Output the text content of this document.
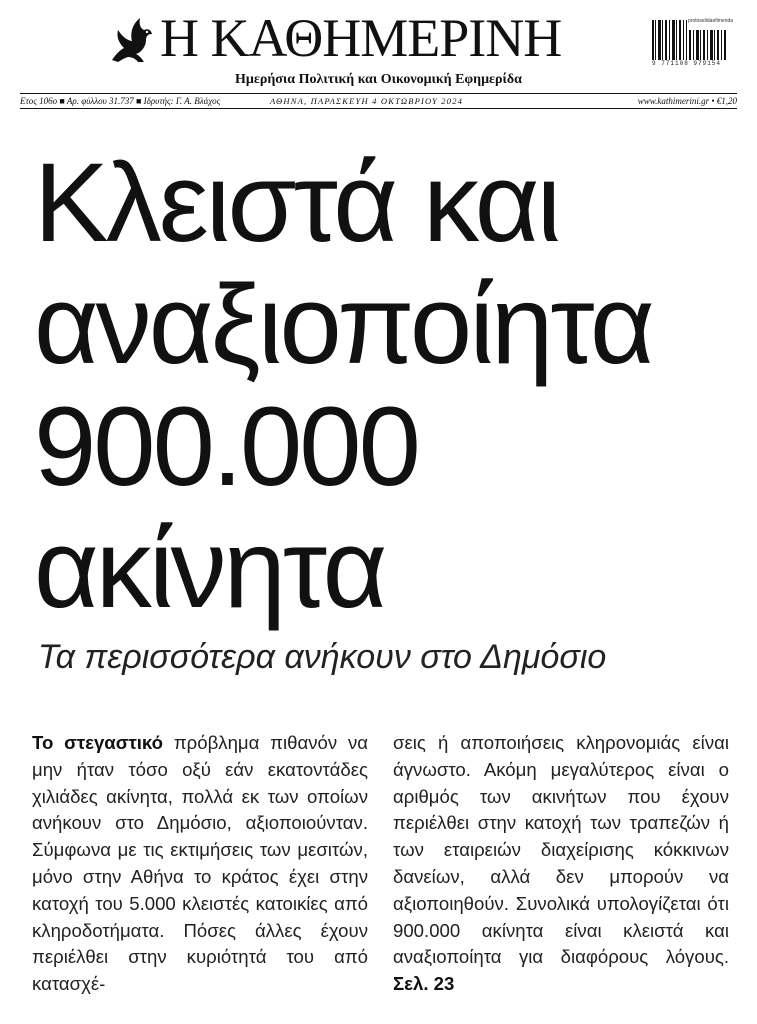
Η ΚΑΘΗΜΕΡΙΝΗ	protoselidaefimerida
9 771108 979154
Ημερήσια Πολιτική και Οικονομική Εφημερίδα
Ετος 106ο ■ Αρ. φύλλου 31.737 ■ Ιδρυτής: Γ. Α. Βλάχος	ΑΘΗΝΑ, ΠΑΡΑΣΚΕΥΗ 4 ΟΚΤΩΒΡΙΟΥ 2024	www.kathimerini.gr • €1,20
Κλειστά και
αναξιοποίητα
900.000
ακίνητα
Τα περισσότερα ανήκουν στο Δημόσιο

Το στεγαστικό πρόβλημα πιθανόν να μην ήταν τόσο οξύ εάν εκατοντάδες χιλιάδες ακίνητα, πολλά εκ των οποίων ανήκουν στο Δημόσιο, αξιοποιούνταν. Σύμφωνα με τις εκτιμήσεις των μεσιτών, μόνο στην Αθήνα το κράτος έχει στην κατοχή του 5.000 κλειστές κατοικίες από κληροδοτήματα. Πόσες άλλες έχουν περιέλθει στην κυριότητά του από κατασχέ-

σεις ή αποποιήσεις κληρονομιάς είναι άγνωστο. Ακόμη μεγαλύτερος είναι ο αριθμός των ακινήτων που έχουν περιέλθει στην κατοχή των τραπεζών ή των εταιρειών διαχείρισης κόκκινων δανείων, αλλά δεν μπορούν να αξιοποιηθούν. Συνολικά υπολογίζεται ότι 900.000 ακίνητα είναι κλειστά και αναξιοποίητα για διαφόρους λόγους. Σελ. 23
